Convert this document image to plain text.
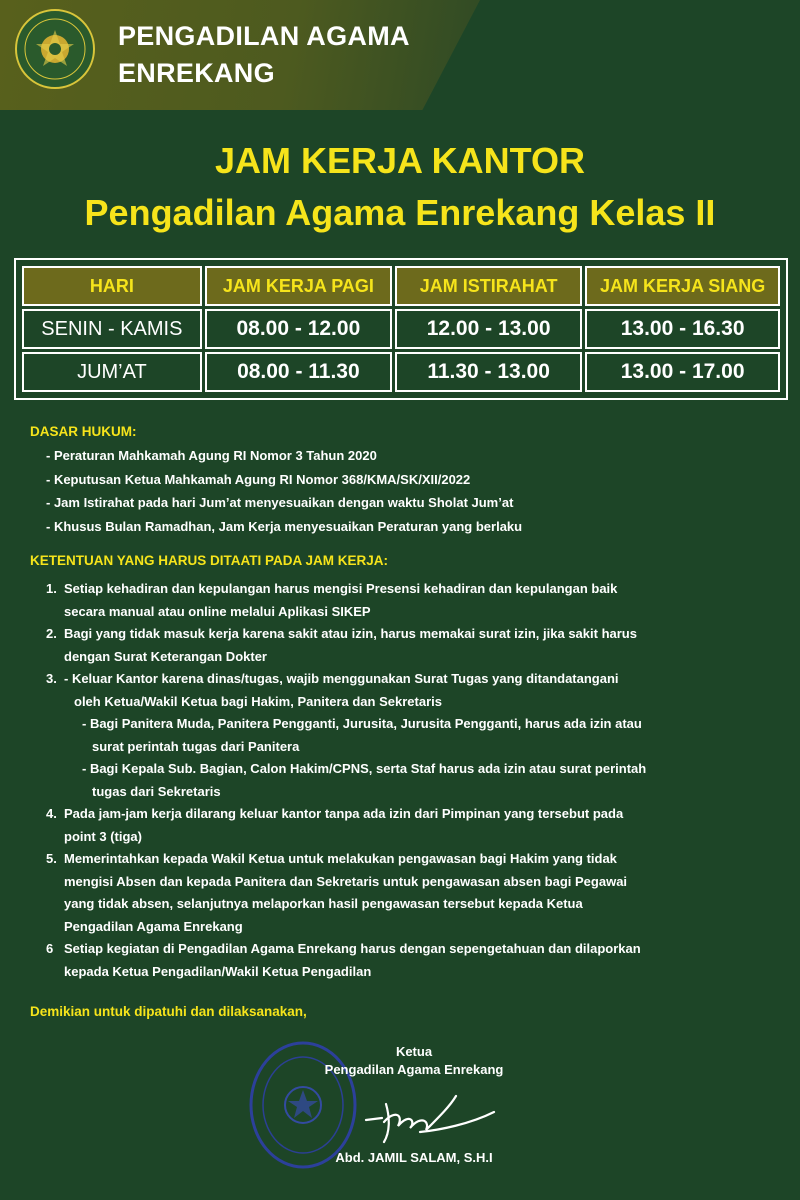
PENGADILAN AGAMA
ENREKANG
JAM KERJA KANTOR
Pengadilan Agama Enrekang Kelas II
HARI	JAM KERJA PAGI	JAM ISTIRAHAT	JAM KERJA SIANG
SENIN - KAMIS	08.00 - 12.00	12.00 - 13.00	13.00 - 16.30
JUM’AT	08.00 - 11.30	11.30 - 13.00	13.00 - 17.00
DASAR HUKUM:
- Peraturan Mahkamah Agung RI Nomor 3 Tahun 2020
- Keputusan Ketua Mahkamah Agung RI Nomor 368/KMA/SK/XII/2022
- Jam Istirahat pada hari Jum’at menyesuaikan dengan waktu Sholat Jum’at
- Khusus Bulan Ramadhan, Jam Kerja menyesuaikan Peraturan yang berlaku
KETENTUAN YANG HARUS DITAATI PADA JAM KERJA:
1. Setiap kehadiran dan kepulangan harus mengisi Presensi kehadiran dan kepulangan baik
secara manual atau online melalui Aplikasi SIKEP
2. Bagi yang tidak masuk kerja karena sakit atau izin, harus memakai surat izin, jika sakit harus
dengan Surat Keterangan Dokter
3. - Keluar Kantor karena dinas/tugas, wajib menggunakan Surat Tugas yang ditandatangani
oleh Ketua/Wakil Ketua bagi Hakim, Panitera dan Sekretaris
- Bagi Panitera Muda, Panitera Pengganti, Jurusita, Jurusita Pengganti, harus ada izin atau
surat perintah tugas dari Panitera
- Bagi Kepala Sub. Bagian, Calon Hakim/CPNS, serta Staf harus ada izin atau surat perintah
tugas dari Sekretaris
4. Pada jam-jam kerja dilarang keluar kantor tanpa ada izin dari Pimpinan yang tersebut pada
point 3 (tiga)
5. Memerintahkan kepada Wakil Ketua untuk melakukan pengawasan bagi Hakim yang tidak
mengisi Absen dan kepada Panitera dan Sekretaris untuk pengawasan absen bagi Pegawai
yang tidak absen, selanjutnya melaporkan hasil pengawasan tersebut kepada Ketua
Pengadilan Agama Enrekang
6 Setiap kegiatan di Pengadilan Agama Enrekang harus dengan sepengetahuan dan dilaporkan
kepada Ketua Pengadilan/Wakil Ketua Pengadilan
Demikian untuk dipatuhi dan dilaksanakan,
Ketua
Pengadilan Agama Enrekang
Abd. JAMIL SALAM, S.H.I
